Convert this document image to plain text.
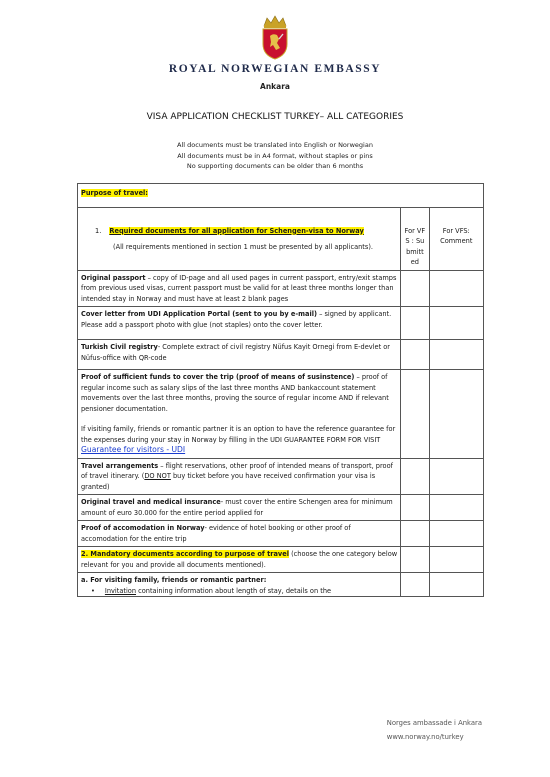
ROYAL NORWEGIAN EMBASSY
Ankara
VISA APPLICATION CHECKLIST TURKEY– ALL CATEGORIES
All documents must be translated into English or Norwegian
All documents must be in A4 format, without staples or pins
No supporting documents can be older than 6 months
Purpose of travel:		

1. Required documents for all application for Schengen-visa to Norway
(All requirements mentioned in section 1 must be presented by all applicants).	For VFS : Submitted	For VFS: Comment
Original passport – copy of ID-page and all used pages in current passport, entry/exit stamps from previous used visas, current passport must be valid for at least three months longer than intended stay in Norway and must have at least 2 blank pages		
Cover letter from UDI Application Portal (sent to you by e-mail) – signed by applicant. Please add a passport photo with glue (not staples) onto the cover letter.		
Turkish Civil registry- Complete extract of civil registry Nüfus Kayit Ornegi from E-devlet or Nüfus-office with QR-code		
Proof of sufficient funds to cover the trip (proof of means of susinstence) – proof of regular income such as salary slips of the last three months AND bankaccount statement movements over the last three months, proving the source of regular income AND if relevant pensioner documentation.
If visiting family, friends or romantic partner it is an option to have the reference guarantee for the expenses during your stay in Norway by filling in the UDI GUARANTEE FORM FOR VISIT Guarantee for visitors - UDI		

Travel arrangements – flight reservations, other proof of intended means of transport, proof of travel itinerary. (DO NOT buy ticket before you have received confirmation your visa is granted)		
Original travel and medical insurance- must cover the entire Schengen area for minimum amount of euro 30.000 for the entire period applied for		
Proof of accomodation in Norway- evidence of hotel booking or other proof of accomodation for the entire trip		
2. Mandatory documents according to purpose of travel (choose the one category below relevant for you and provide all documents mentioned).		

a. For visiting family, friends or romantic partner:
• Invitation containing information about length of stay, details on the

Norges ambassade i Ankara
www.norway.no/turkey
